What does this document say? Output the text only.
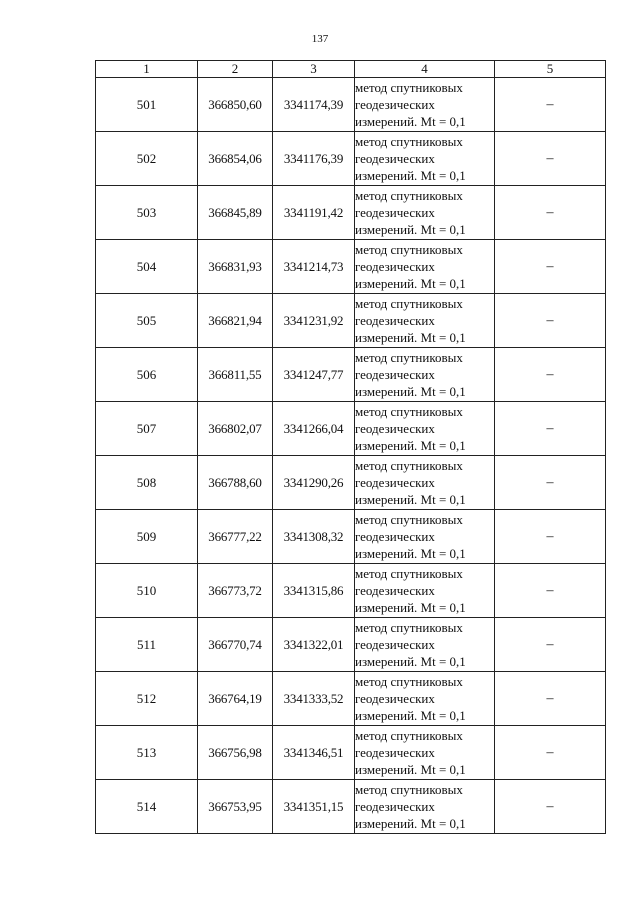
137
1	2	3	4	5
501	366850,60	3341174,39	метод спутниковых
геодезических
измерений. Mt = 0,1	–
502	366854,06	3341176,39	метод спутниковых
геодезических
измерений. Mt = 0,1	–
503	366845,89	3341191,42	метод спутниковых
геодезических
измерений. Mt = 0,1	–
504	366831,93	3341214,73	метод спутниковых
геодезических
измерений. Mt = 0,1	–
505	366821,94	3341231,92	метод спутниковых
геодезических
измерений. Mt = 0,1	–
506	366811,55	3341247,77	метод спутниковых
геодезических
измерений. Mt = 0,1	–
507	366802,07	3341266,04	метод спутниковых
геодезических
измерений. Mt = 0,1	–
508	366788,60	3341290,26	метод спутниковых
геодезических
измерений. Mt = 0,1	–
509	366777,22	3341308,32	метод спутниковых
геодезических
измерений. Mt = 0,1	–
510	366773,72	3341315,86	метод спутниковых
геодезических
измерений. Mt = 0,1	–
511	366770,74	3341322,01	метод спутниковых
геодезических
измерений. Mt = 0,1	–
512	366764,19	3341333,52	метод спутниковых
геодезических
измерений. Mt = 0,1	–
513	366756,98	3341346,51	метод спутниковых
геодезических
измерений. Mt = 0,1	–
514	366753,95	3341351,15	метод спутниковых
геодезических
измерений. Mt = 0,1	–
